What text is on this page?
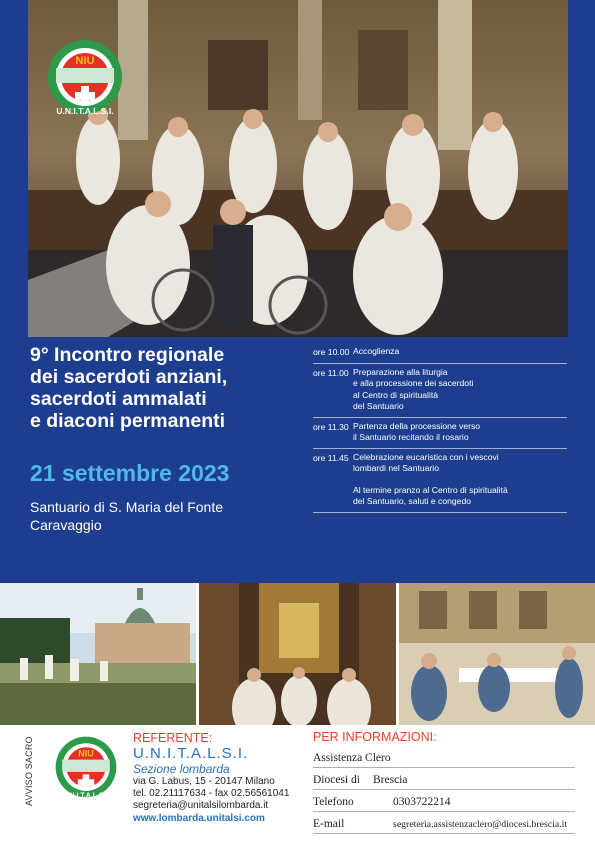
NIU
U.N.I.T.A.L.S.I.
9° Incontro regionale
dei sacerdoti anziani,
sacerdoti ammalati
e diaconi permanenti
21 settembre 2023
Santuario di S. Maria del Fonte
Caravaggio
ore 10.00 Accoglienza
ore 11.00 Preparazione alla liturgia
e alla processione dei sacerdoti
al Centro di spiritualità
del Santuario
ore 11.30 Partenza della processione verso
il Santuario recitando il rosario
ore 11.45 Celebrazione eucaristica con i vescovi
lombardi nel Santuario
Al termine pranzo al Centro di spiritualità
del Santuario, saluti e congedo
AVVISO SACRO	NIU
U.N.I.T.A.L.S.I.
REFERENTE:
U.N.I.T.A.L.S.I.
Sezione lombarda
via G. Labus, 15 - 20147 Milano
tel. 02.21117634 - fax 02.56561041
segreteria@unitalsilombarda.it
www.lombarda.unitalsi.com
PER INFORMAZIONI:
Assistenza Clero
Diocesi di	Brescia
Telefono	0303722214
E-mail	segreteria.assistenzaclero@diocesi.brescia.it
